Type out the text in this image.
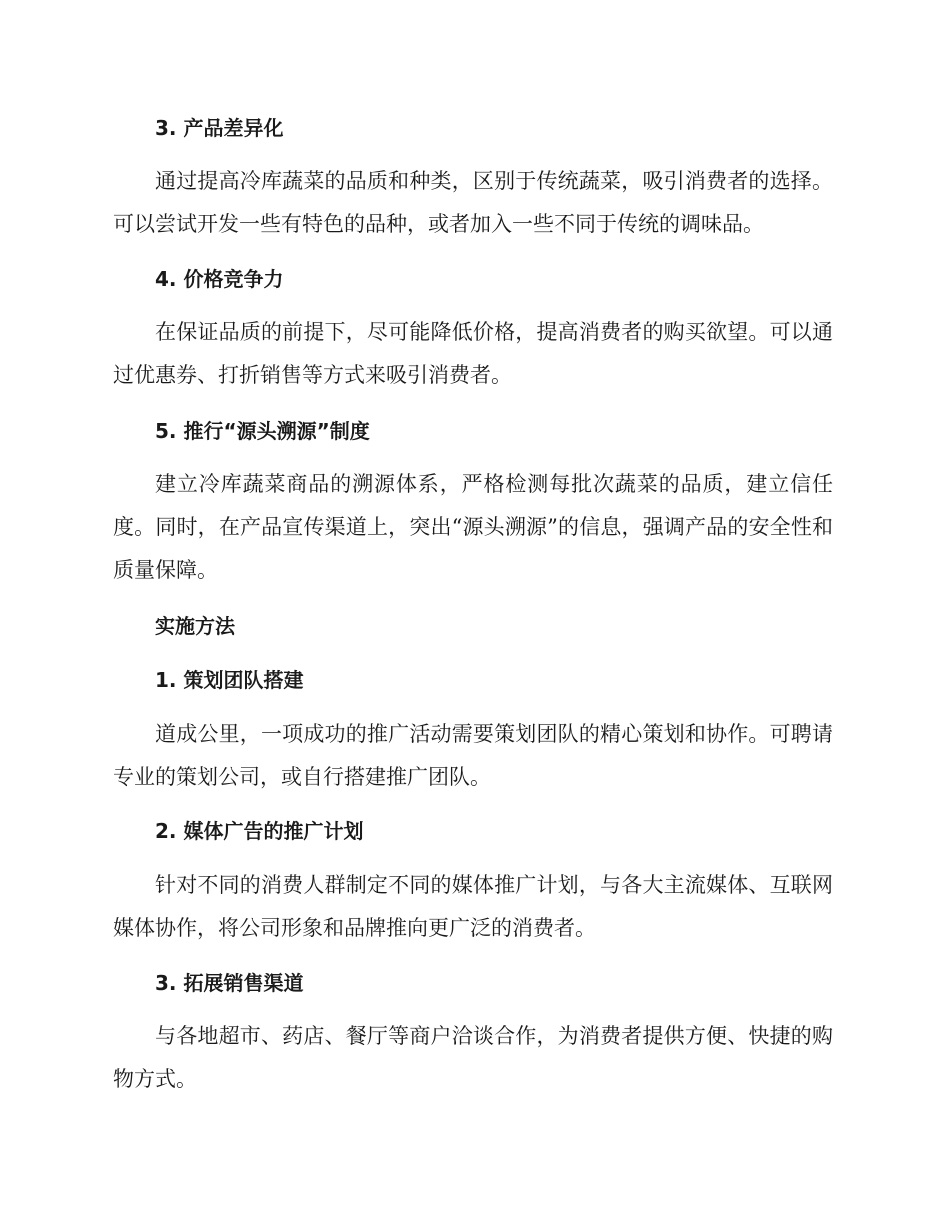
3. 产品差异化

通过提高冷库蔬菜的品质和种类，区别于传统蔬菜，吸引消费者的选择。可以尝试开发一些有特色的品种，或者加入一些不同于传统的调味品。

4. 价格竞争力

在保证品质的前提下，尽可能降低价格，提高消费者的购买欲望。可以通过优惠券、打折销售等方式来吸引消费者。

5. 推行“源头溯源”制度

建立冷库蔬菜商品的溯源体系，严格检测每批次蔬菜的品质，建立信任度。同时，在产品宣传渠道上，突出“源头溯源”的信息，强调产品的安全性和质量保障。

实施方法
1. 策划团队搭建

道成公里，一项成功的推广活动需要策划团队的精心策划和协作。可聘请专业的策划公司，或自行搭建推广团队。

2. 媒体广告的推广计划

针对不同的消费人群制定不同的媒体推广计划，与各大主流媒体、互联网媒体协作，将公司形象和品牌推向更广泛的消费者。

3. 拓展销售渠道

与各地超市、药店、餐厅等商户洽谈合作，为消费者提供方便、快捷的购物方式。
